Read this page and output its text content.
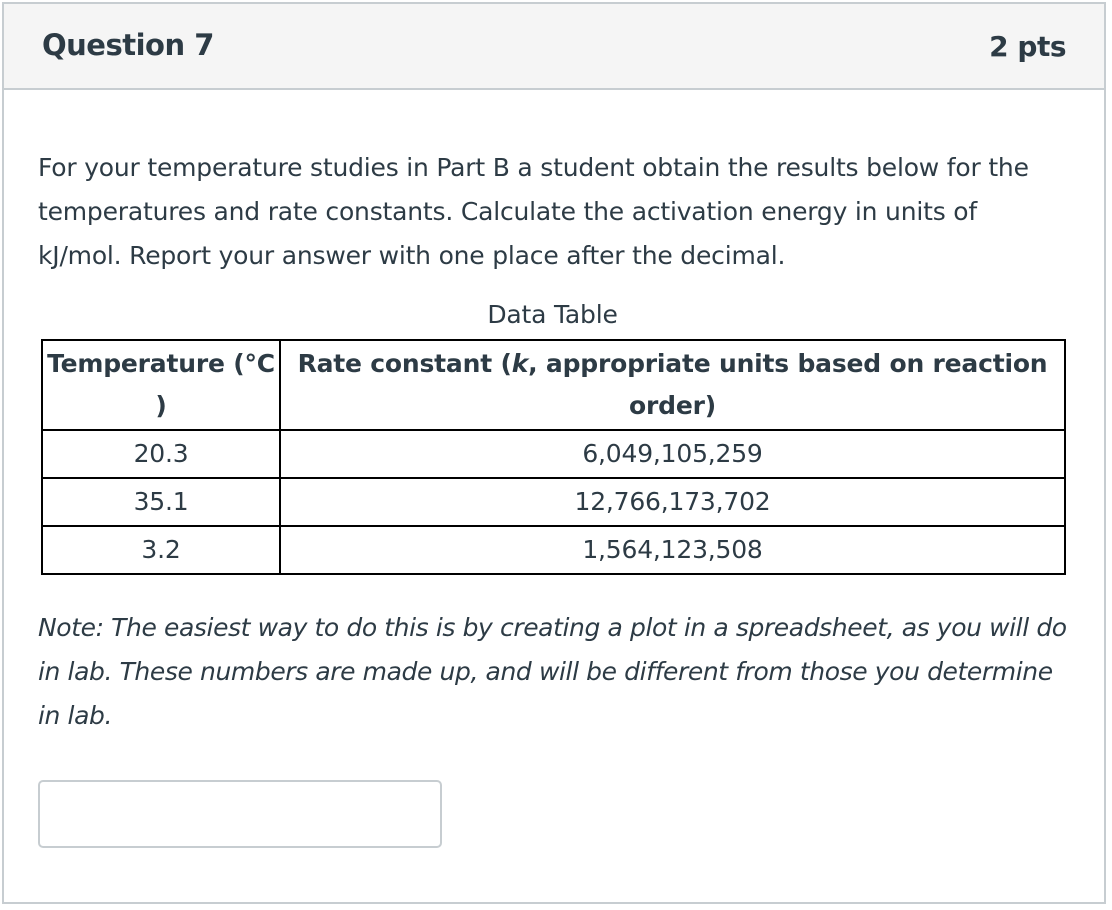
Question 7	2 pts
For your temperature studies in Part B a student obtain the results below for the temperatures and rate constants. Calculate the activation energy in units of kJ/mol. Report your answer with one place after the decimal.
Data Table
Temperature (°C )	Rate constant (k, appropriate units based on reaction order)
20.3	6,049,105,259
35.1	12,766,173,702
3.2	1,564,123,508
Note: The easiest way to do this is by creating a plot in a spreadsheet, as you will do in lab. These numbers are made up, and will be different from those you determine in lab.
